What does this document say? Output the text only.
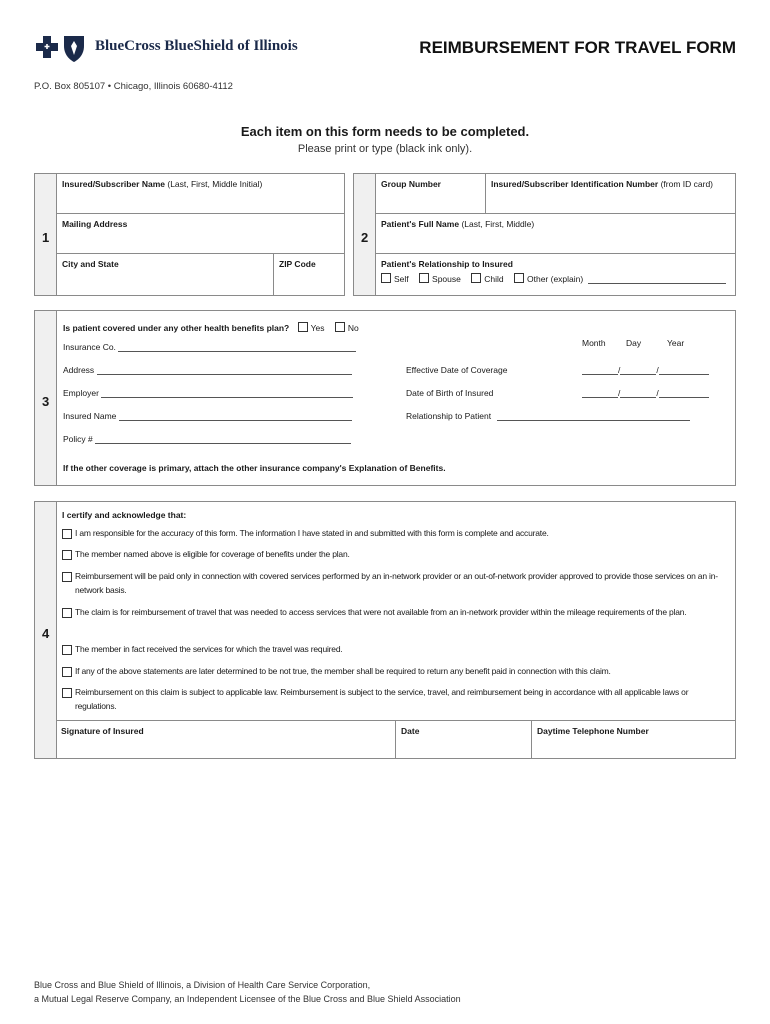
BlueCross BlueShield of Illinois	REIMBURSEMENT FOR TRAVEL FORM
P.O. Box 805107 • Chicago, Illinois 60680-4112
Each item on this form needs to be completed.
Please print or type (black ink only).
1
Insured/Subscriber Name (Last, First, Middle Initial)
Mailing Address
City and State	ZIP Code
2
Group Number	Insured/Subscriber Identification Number (from ID card)
Patient's Full Name (Last, First, Middle)
Patient's Relationship to Insured
Self	Spouse	Child	Other (explain)
3
Is patient covered under any other health benefits plan?	Yes	No
Insurance Co.
Address
Employer
Insured Name
Policy #
Month Day	Year
Effective Date of Coverage	/	/
Date of Birth of Insured	/	/
Relationship to Patient
If the other coverage is primary, attach the other insurance company's Explanation of Benefits.
4
I certify and acknowledge that:
I am responsible for the accuracy of this form. The information I have stated in and submitted with this form is complete and accurate.
The member named above is eligible for coverage of benefits under the plan.
Reimbursement will be paid only in connection with covered services performed by an in-network provider or an out-of-network provider approved to provide those services on an in-network basis.
The claim is for reimbursement of travel that was needed to access services that were not available from an in-network provider within the mileage requirements of the plan.
The member in fact received the services for which the travel was required.
If any of the above statements are later determined to be not true, the member shall be required to return any benefit paid in connection with this claim.
Reimbursement on this claim is subject to applicable law. Reimbursement is subject to the service, travel, and reimbursement being in accordance with all applicable laws or regulations.
Signature of Insured	Date	Daytime Telephone Number
Blue Cross and Blue Shield of Illinois, a Division of Health Care Service Corporation,
a Mutual Legal Reserve Company, an Independent Licensee of the Blue Cross and Blue Shield Association
